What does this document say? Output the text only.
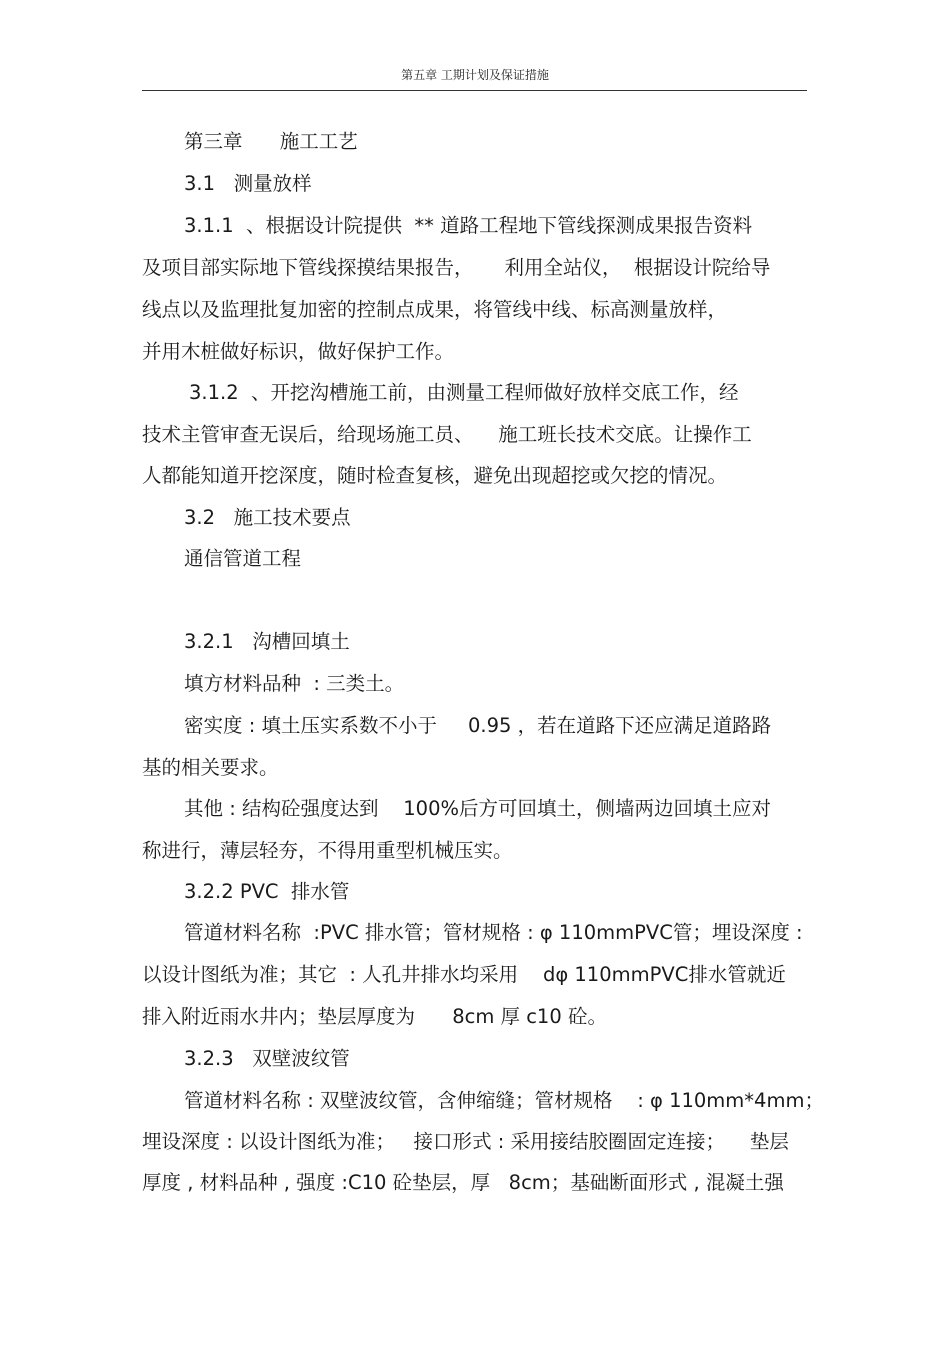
第五章 工期计划及保证措施
第三章      施工工艺
3.1   测量放样
3.1.1  、根据设计院提供  ** 道路工程地下管线探测成果报告资料
及项目部实际地下管线探摸结果报告，     利用全站仪，  根据设计院给导
线点以及监理批复加密的控制点成果，将管线中线、标高测量放样，
并用木桩做好标识，做好保护工作。
3.1.2  、开挖沟槽施工前，由测量工程师做好放样交底工作，经
技术主管审查无误后，给现场施工员、    施工班长技术交底。让操作工
人都能知道开挖深度，随时检查复核，避免出现超挖或欠挖的情况。
3.2   施工技术要点
通信管道工程
3.2.1   沟槽回填土
填方材料品种  : 三类土。
密实度 : 填土压实系数不小于     0.95 ，若在道路下还应满足道路路
基的相关要求。
其他 : 结构砼强度达到    100%后方可回填土，侧墙两边回填土应对
称进行，薄层轻夯，不得用重型机械压实。
3.2.2 PVC  排水管
管道材料名称  :PVC 排水管；管材规格 : φ 110mmPVC管；埋设深度 :
以设计图纸为准；其它  : 人孔井排水均采用    dφ 110mmPVC排水管就近
排入附近雨水井内；垫层厚度为      8cm 厚 c10 砼。
3.2.3   双壁波纹管
管道材料名称 : 双壁波纹管，含伸缩缝；管材规格    : φ 110mm*4mm；
埋设深度 : 以设计图纸为准；   接口形式 : 采用接结胶圈固定连接；    垫层
厚度 , 材料品种 , 强度 :C10 砼垫层，厚   8cm；基础断面形式 , 混凝土强
